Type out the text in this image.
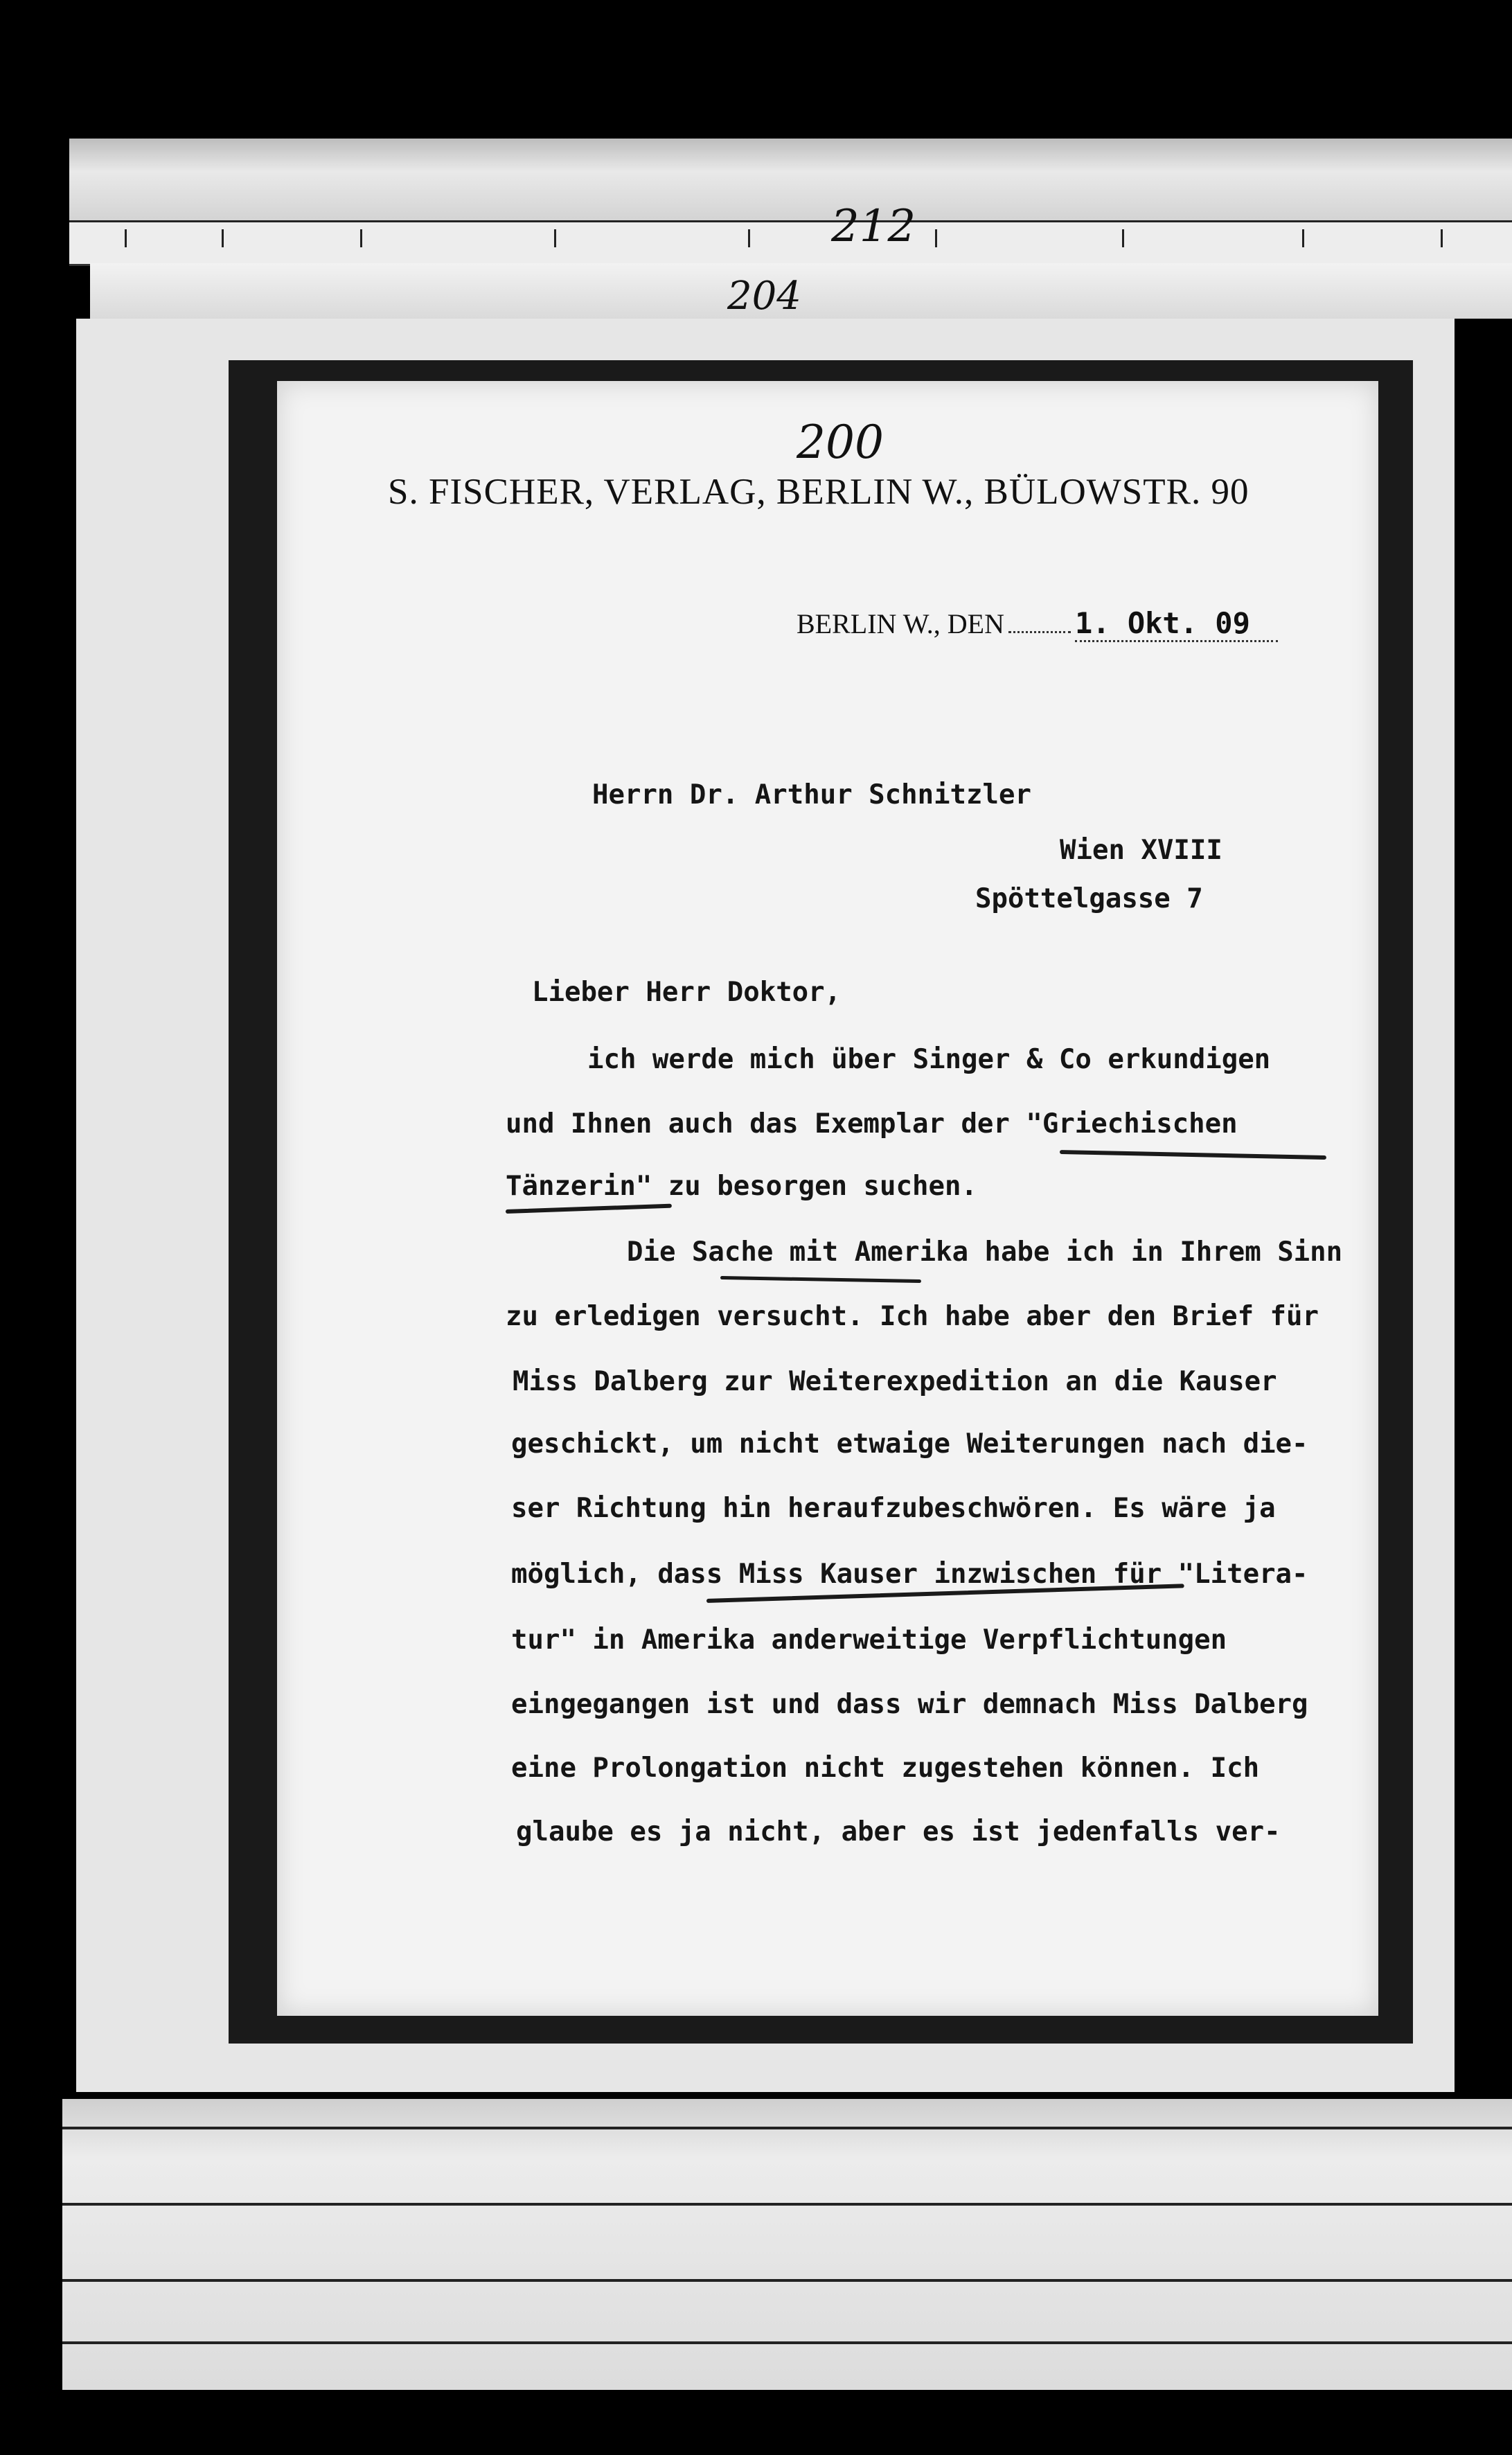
212
204
200
S. FISCHER, VERLAG, BERLIN W., BÜLOWSTR. 90
BERLIN W., DEN 1. Okt. 09
Herrn Dr. Arthur Schnitzler
Wien XVIII
Spöttelgasse 7
Lieber Herr Doktor,
ich werde mich über Singer & Co erkundigen
und Ihnen auch das Exemplar der "Griechischen
Tänzerin" zu besorgen suchen.
Die Sache mit Amerika habe ich in Ihrem Sinn
zu erledigen versucht. Ich habe aber den Brief für
Miss Dalberg zur Weiterexpedition an die Kauser
geschickt, um nicht etwaige Weiterungen nach die-
ser Richtung hin heraufzubeschwören. Es wäre ja
möglich, dass Miss Kauser inzwischen für "Litera-
tur" in Amerika anderweitige Verpflichtungen
eingegangen ist und dass wir demnach Miss Dalberg
eine Prolongation nicht zugestehen können. Ich
glaube es ja nicht, aber es ist jedenfalls ver-
